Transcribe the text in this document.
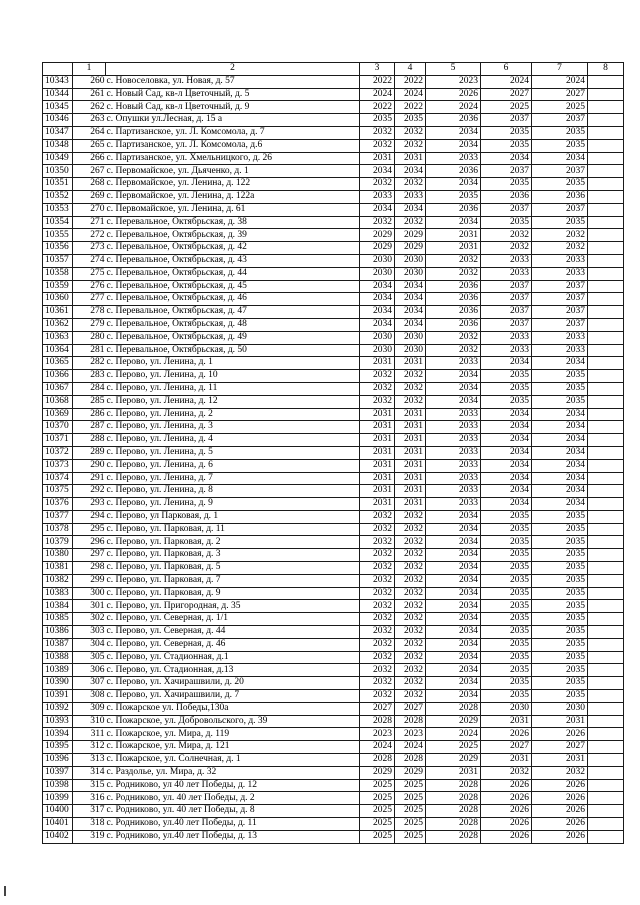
	1	2	3	4	5	6	7	8
10343	260	с. Новоселовка, ул. Новая, д. 57	2022	2022	2023	2024	2024	
10344	261	с. Новый Сад, кв-л Цветочный, д. 5	2024	2024	2026	2027	2027	
10345	262	с. Новый Сад, кв-л Цветочный, д. 9	2022	2022	2024	2025	2025	
10346	263	с. Опушки ул.Лесная, д. 15 а	2035	2035	2036	2037	2037	
10347	264	с. Партизанское, ул. Л. Комсомола, д. 7	2032	2032	2034	2035	2035	
10348	265	с. Партизанское, ул. Л. Комсомола, д.6	2032	2032	2034	2035	2035	
10349	266	с. Партизанское, ул. Хмельницкого, д. 26	2031	2031	2033	2034	2034	
10350	267	с. Первомайское, ул. Дьяченко, д. 1	2034	2034	2036	2037	2037	
10351	268	с. Первомайское, ул. Ленина, д. 122	2032	2032	2034	2035	2035	
10352	269	с. Первомайское, ул. Ленина, д. 122а	2033	2033	2035	2036	2036	
10353	270	с. Первомайское, ул. Ленина, д. 61	2034	2034	2036	2037	2037	
10354	271	с. Перевальное, Октябрьская, д. 38	2032	2032	2034	2035	2035	
10355	272	с. Перевальное, Октябрьская, д. 39	2029	2029	2031	2032	2032	
10356	273	с. Перевальное, Октябрьская, д. 42	2029	2029	2031	2032	2032	
10357	274	с. Перевальное, Октябрьская, д. 43	2030	2030	2032	2033	2033	
10358	275	с. Перевальное, Октябрьская, д. 44	2030	2030	2032	2033	2033	
10359	276	с. Перевальное, Октябрьская, д. 45	2034	2034	2036	2037	2037	
10360	277	с. Перевальное, Октябрьская, д. 46	2034	2034	2036	2037	2037	
10361	278	с. Перевальное, Октябрьская, д. 47	2034	2034	2036	2037	2037	
10362	279	с. Перевальное, Октябрьская, д. 48	2034	2034	2036	2037	2037	
10363	280	с. Перевальное, Октябрьская, д. 49	2030	2030	2032	2033	2033	
10364	281	с. Перевальное, Октябрьская, д. 50	2030	2030	2032	2033	2033	
10365	282	с. Перово, ул. Ленина, д. 1	2031	2031	2033	2034	2034	
10366	283	с. Перово, ул. Ленина, д. 10	2032	2032	2034	2035	2035	
10367	284	с. Перово, ул. Ленина, д. 11	2032	2032	2034	2035	2035	
10368	285	с. Перово, ул. Ленина, д. 12	2032	2032	2034	2035	2035	
10369	286	с. Перово, ул. Ленина, д. 2	2031	2031	2033	2034	2034	
10370	287	с. Перово, ул. Ленина, д. 3	2031	2031	2033	2034	2034	
10371	288	с. Перово, ул. Ленина, д. 4	2031	2031	2033	2034	2034	
10372	289	с. Перово, ул. Ленина, д. 5	2031	2031	2033	2034	2034	
10373	290	с. Перово, ул. Ленина, д. 6	2031	2031	2033	2034	2034	
10374	291	с. Перово, ул. Ленина, д. 7	2031	2031	2033	2034	2034	
10375	292	с. Перово, ул. Ленина, д. 8	2031	2031	2033	2034	2034	
10376	293	с. Перово, ул. Ленина, д. 9	2031	2031	2033	2034	2034	
10377	294	с. Перово, ул Парковая, д. 1	2032	2032	2034	2035	2035	
10378	295	с. Перово, ул. Парковая, д. 11	2032	2032	2034	2035	2035	
10379	296	с. Перово, ул. Парковая, д. 2	2032	2032	2034	2035	2035	
10380	297	с. Перово, ул. Парковая, д. 3	2032	2032	2034	2035	2035	
10381	298	с. Перово, ул. Парковая, д. 5	2032	2032	2034	2035	2035	
10382	299	с. Перово, ул. Парковая, д. 7	2032	2032	2034	2035	2035	
10383	300	с. Перово, ул. Парковая, д. 9	2032	2032	2034	2035	2035	
10384	301	с. Перово, ул. Пригородная, д. 35	2032	2032	2034	2035	2035	
10385	302	с. Перово, ул. Северная, д. 1/1	2032	2032	2034	2035	2035	
10386	303	с. Перово, ул. Северная, д. 44	2032	2032	2034	2035	2035	
10387	304	с. Перово, ул. Северная, д. 46	2032	2032	2034	2035	2035	
10388	305	с. Перово, ул. Стадионная, д.1	2032	2032	2034	2035	2035	
10389	306	с. Перово, ул. Стадионная, д.13	2032	2032	2034	2035	2035	
10390	307	с. Перово, ул. Хачирашвили, д. 20	2032	2032	2034	2035	2035	
10391	308	с. Перово, ул. Хачирашвили, д. 7	2032	2032	2034	2035	2035	
10392	309	с. Пожарское ул. Победы,130а	2027	2027	2028	2030	2030	
10393	310	с. Пожарское, ул. Добровольского, д. 39	2028	2028	2029	2031	2031	
10394	311	с. Пожарское, ул. Мира, д. 119	2023	2023	2024	2026	2026	
10395	312	с. Пожарское, ул. Мира, д. 121	2024	2024	2025	2027	2027	
10396	313	с. Пожарское, ул. Солнечная, д. 1	2028	2028	2029	2031	2031	
10397	314	с. Раздолье, ул. Мира, д. 32	2029	2029	2031	2032	2032	
10398	315	с. Родниково, ул 40 лет Победы, д. 12	2025	2025	2028	2026	2026	
10399	316	с. Родниково, ул. 40 лет Победы, д. 2	2025	2025	2028	2026	2026	
10400	317	с. Родниково, ул. 40 лет Победы, д. 8	2025	2025	2028	2026	2026	
10401	318	с. Родниково, ул.40 лет Победы, д. 11	2025	2025	2028	2026	2026	
10402	319	с. Родниково, ул.40 лет Победы, д. 13	2025	2025	2028	2026	2026	
